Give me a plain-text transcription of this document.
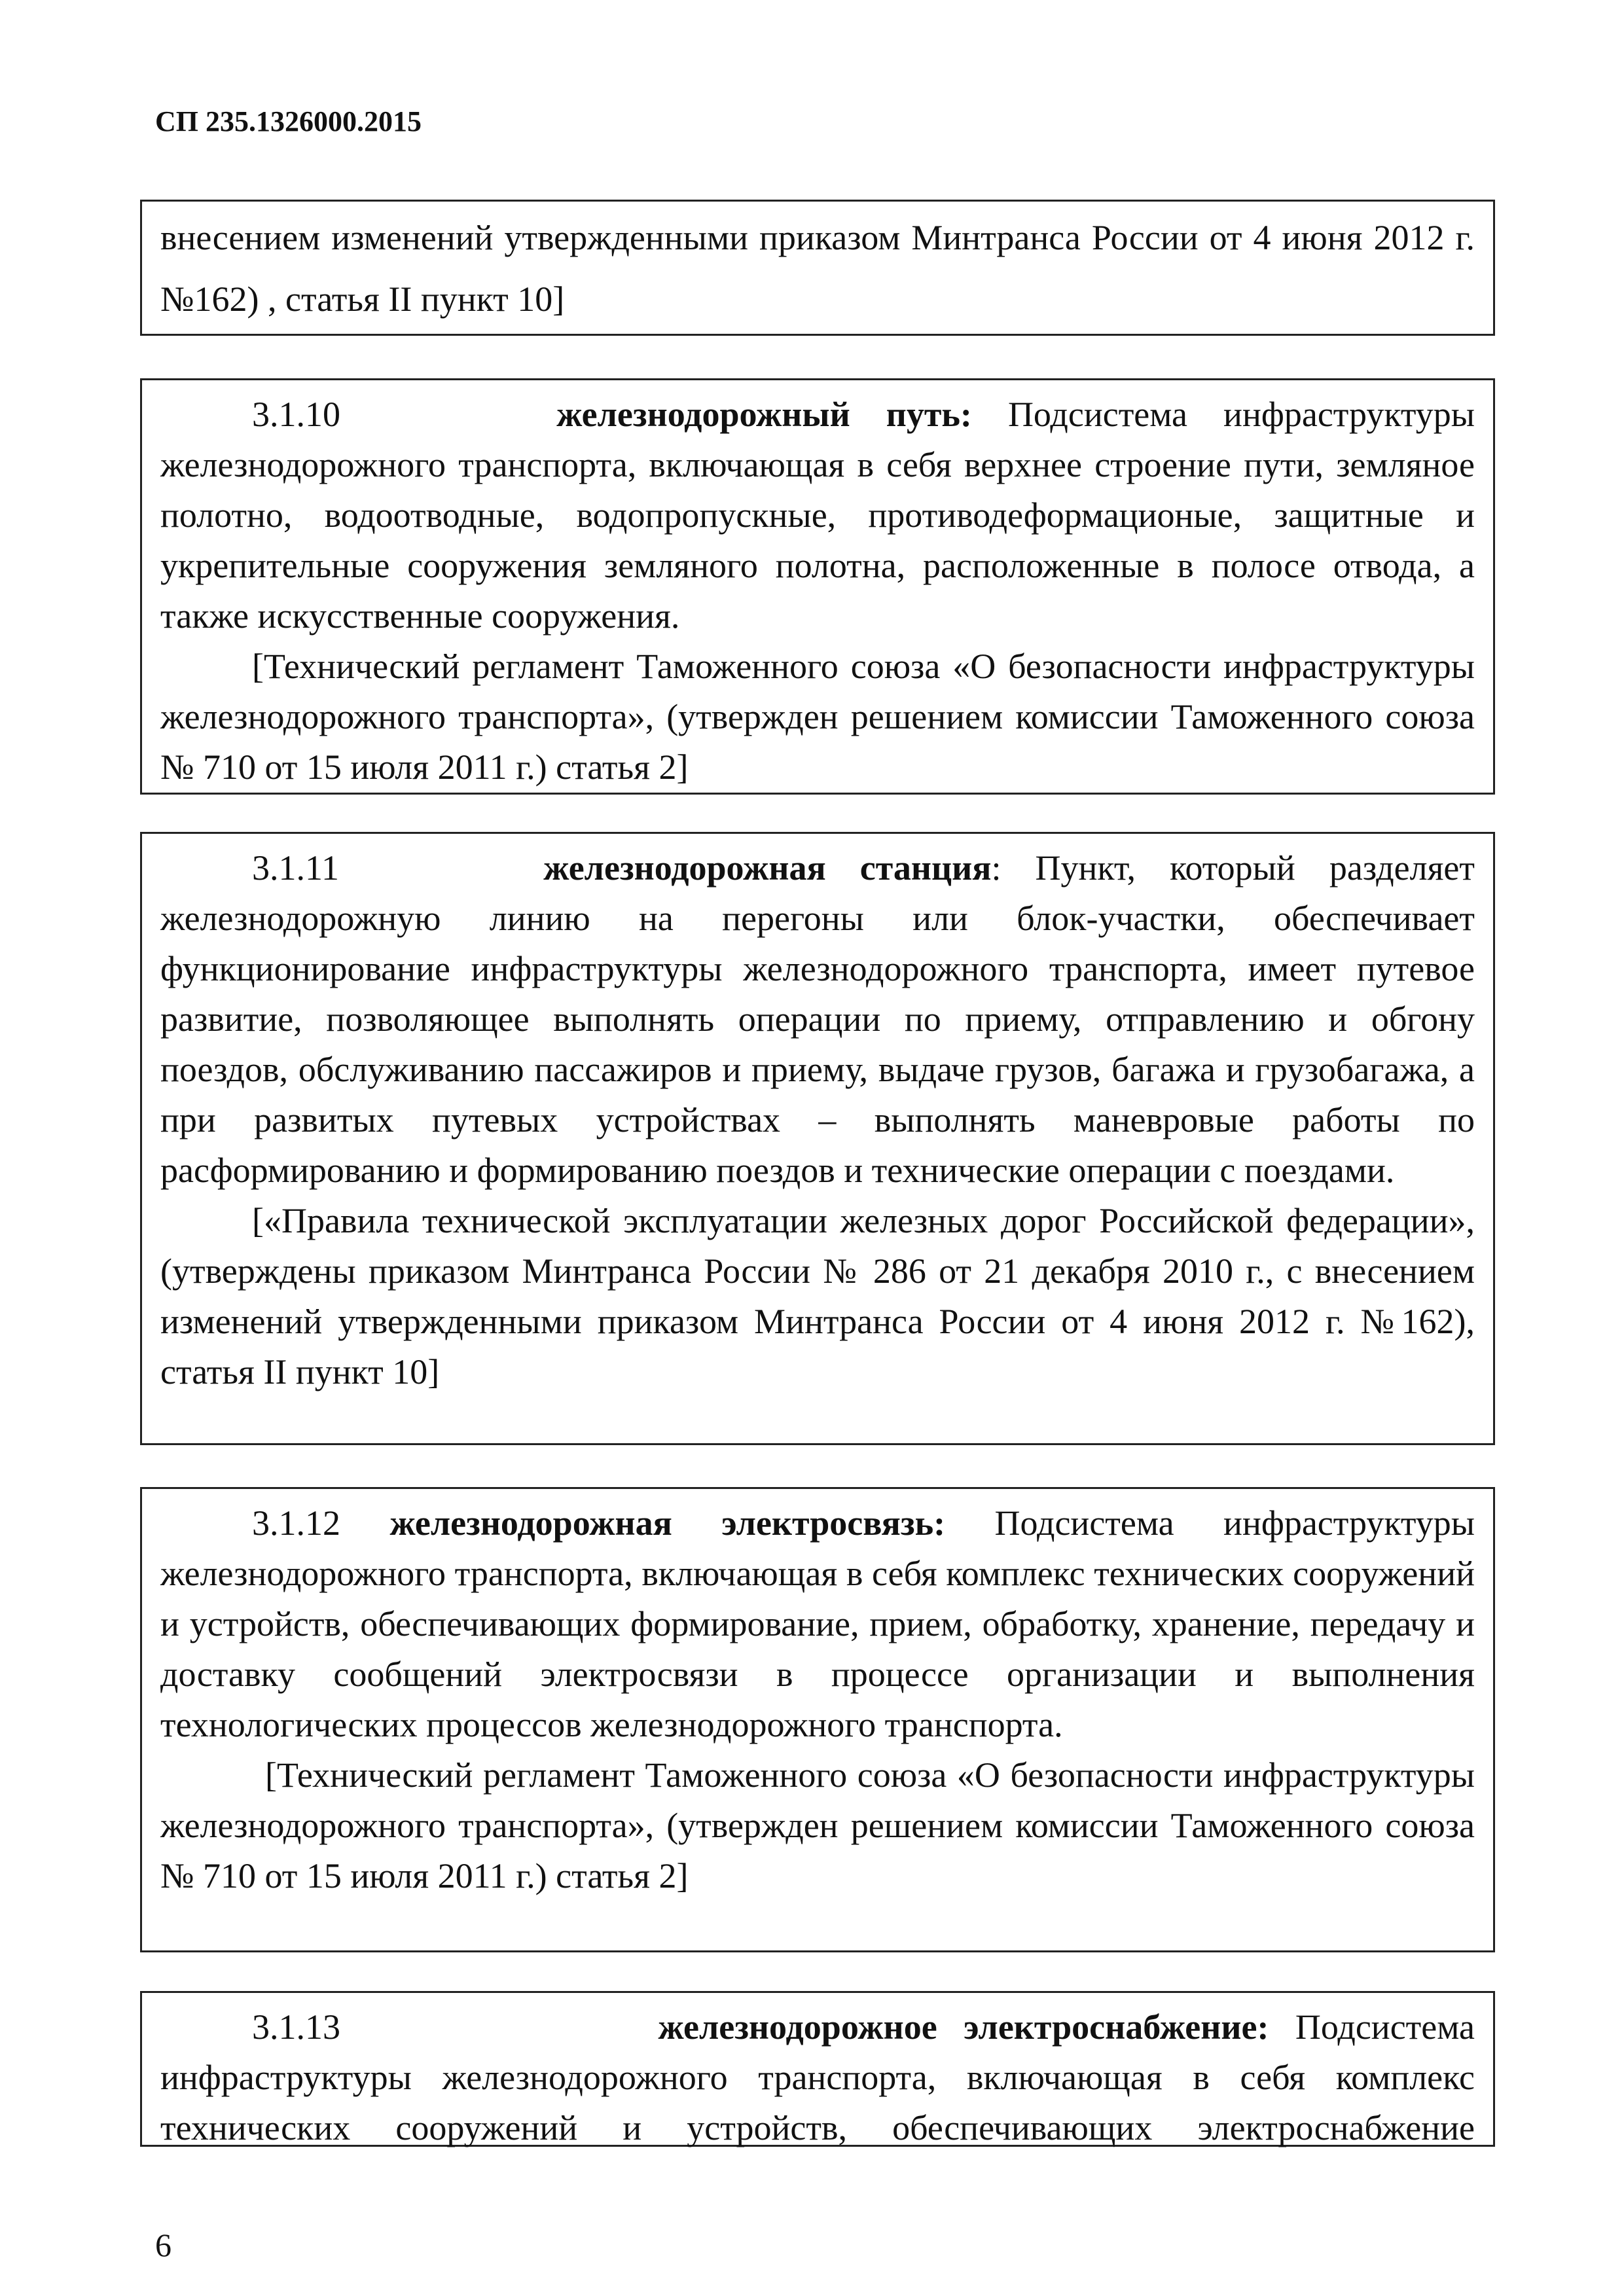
СП 235.1326000.2015

внесением изменений утвержденными приказом Минтранса России от 4 июня 2012 г. №162) , статья II пункт 10]

3.1.10	железнодорожный путь: Подсистема инфраструктуры железнодорожного транспорта, включающая в себя верхнее строение пути, земляное полотно, водоотводные, водопропускные, противодеформационые, защитные и укрепительные сооружения земляного полотна, расположенные в полосе отвода, а также искусственные сооружения.

[Технический регламент Таможенного союза «О безопасности инфраструктуры железнодорожного транспорта», (утвержден решением комиссии Таможенного союза № 710 от 15 июля 2011 г.) статья 2]

3.1.11	железнодорожная станция: Пункт, который разделяет железнодорожную линию на перегоны или блок-участки, обеспечивает функционирование инфраструктуры железнодорожного транспорта, имеет путевое развитие, позволяющее выполнять операции по приему, отправлению и обгону поездов, обслуживанию пассажиров и приему, выдаче грузов, багажа и грузобагажа, а при развитых путевых устройствах – выполнять маневровые работы по расформированию и формированию поездов и технические операции с поездами.

[«Правила технической эксплуатации железных дорог Российской федерации», (утверждены приказом Минтранса России № 286 от 21 декабря 2010 г., с внесением изменений утвержденными приказом Минтранса России от 4 июня 2012 г. №162), статья II пункт 10]

3.1.12 железнодорожная электросвязь: Подсистема инфраструктуры железнодорожного транспорта, включающая в себя комплекс технических сооружений и устройств, обеспечивающих формирование, прием, обработку, хранение, передачу и доставку сообщений электросвязи в процессе организации и выполнения технологических процессов железнодорожного транспорта.

[Технический регламент Таможенного союза «О безопасности инфраструктуры железнодорожного транспорта», (утвержден решением комиссии Таможенного союза № 710 от 15 июля 2011 г.) статья 2]

3.1.13	железнодорожное электроснабжение: Подсистема инфраструктуры железнодорожного транспорта, включающая в себя комплекс технических сооружений и устройств, обеспечивающих электроснабжение

6
